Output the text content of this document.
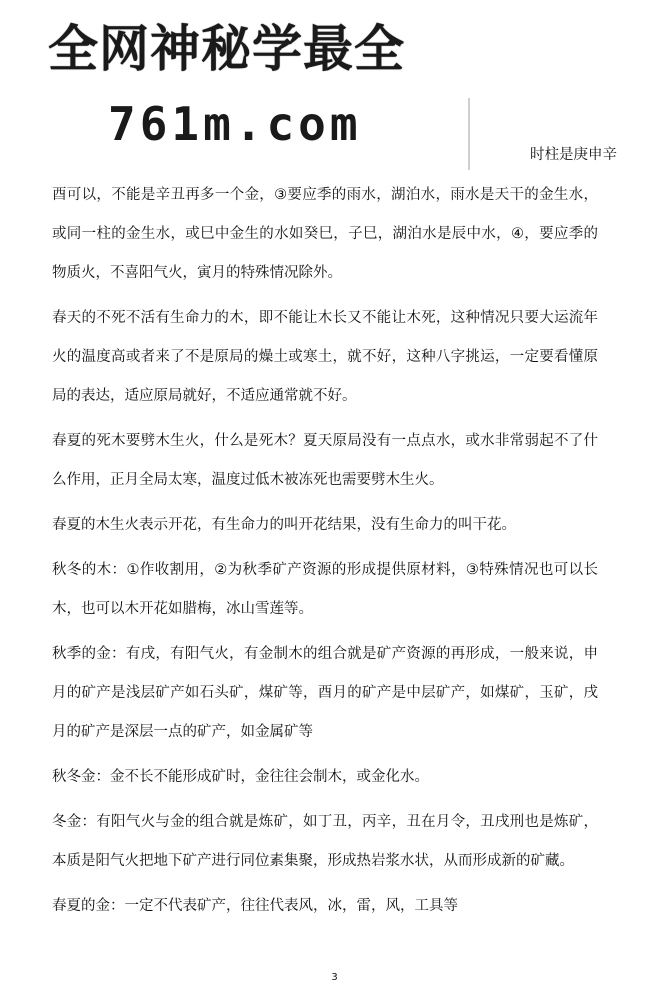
全网神秘学最全
761m.com
时柱是庚申辛

酉可以，不能是辛丑再多一个金，③要应季的雨水，湖泊水，雨水是天干的金生水，或同一柱的金生水，或巳中金生的水如癸巳，子巳，湖泊水是辰中水，④，要应季的物质火，不喜阳气火，寅月的特殊情况除外。

春天的不死不活有生命力的木，即不能让木长又不能让木死，这种情况只要大运流年火的温度高或者来了不是原局的燥土或寒土，就不好，这种八字挑运，一定要看懂原局的表达，适应原局就好，不适应通常就不好。

春夏的死木要劈木生火，什么是死木？夏天原局没有一点点水，或水非常弱起不了什么作用，正月全局太寒，温度过低木被冻死也需要劈木生火。

春夏的木生火表示开花，有生命力的叫开花结果，没有生命力的叫干花。

秋冬的木：①作收割用，②为秋季矿产资源的形成提供原材料，③特殊情况也可以长木，也可以木开花如腊梅，冰山雪莲等。

秋季的金：有戌，有阳气火，有金制木的组合就是矿产资源的再形成，一般来说，申月的矿产是浅层矿产如石头矿，煤矿等，酉月的矿产是中层矿产，如煤矿，玉矿，戌月的矿产是深层一点的矿产，如金属矿等

秋冬金：金不长不能形成矿时，金往往会制木，或金化水。

冬金：有阳气火与金的组合就是炼矿，如丁丑，丙辛，丑在月令，丑戌刑也是炼矿，本质是阳气火把地下矿产进行同位素集聚，形成热岩浆水状，从而形成新的矿藏。

春夏的金：一定不代表矿产，往往代表风，冰，雷，风，工具等

3
